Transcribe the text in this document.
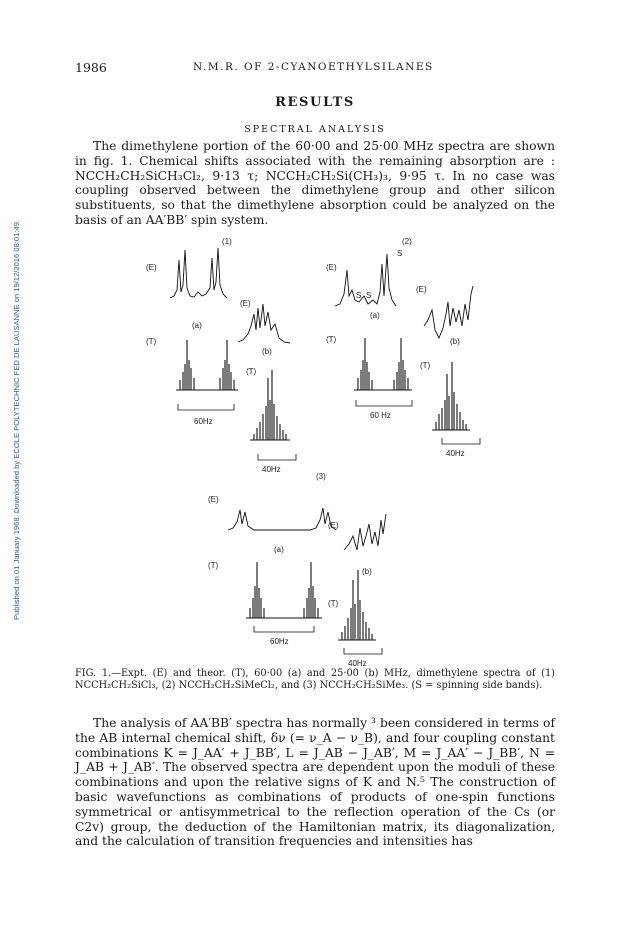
Published on 01 January 1968. Downloaded by ECOLE POLYTECHNIC FED DE LAUSANNE on 19/12/2016 08:01:49.
1986	N.M.R. OF 2-CYANOETHYLSILANES
RESULTS
SPECTRAL ANALYSIS
The dimethylene portion of the 60·00 and 25·00 MHz spectra are shown in fig. 1. Chemical shifts associated with the remaining absorption are : NCCH₂CH₂SiCH₃Cl₂, 9·13 τ; NCCH₂CH₂Si(CH₃)₃, 9·95 τ. In no case was coupling observed between the dimethylene group and other silicon substituents, so that the dimethylene absorption could be analyzed on the basis of an AA′BB′ spin system.
(1)	(2)
(3)
(E)	(E)
(E)
(E)
(E)
(E)
(a)
(a)
(a)
(b)
(b)
(b)
(T)	(T)
(T)
(T)
(T)
(T)
60Hz
40Hz
60 Hz
40Hz
60Hz
40Hz
S
S S
FIG. 1.—Expt. (E) and theor. (T), 60·00 (a) and 25·00 (b) MHz, dimethylene spectra of (1) NCCH₂CH₂SiCl₃, (2) NCCH₂CH₂SiMeCl₂, and (3) NCCH₂CH₂SiMe₃. (S = spinning side bands).
The analysis of AA′BB′ spectra has normally ³ been considered in terms of the AB internal chemical shift, δν (= ν_A − ν_B), and four coupling constant combinations K = J_AA′ + J_BB′, L = J_AB − J_AB′, M = J_AA′ − J_BB′, N = J_AB + J_AB′. The observed spectra are dependent upon the moduli of these combinations and upon the relative signs of K and N.⁵ The construction of basic wavefunctions as combinations of products of one-spin functions symmetrical or antisymmetrical to the reflection operation of the Cs (or C2v) group, the deduction of the Hamiltonian matrix, its diagonalization, and the calculation of transition frequencies and intensities has
